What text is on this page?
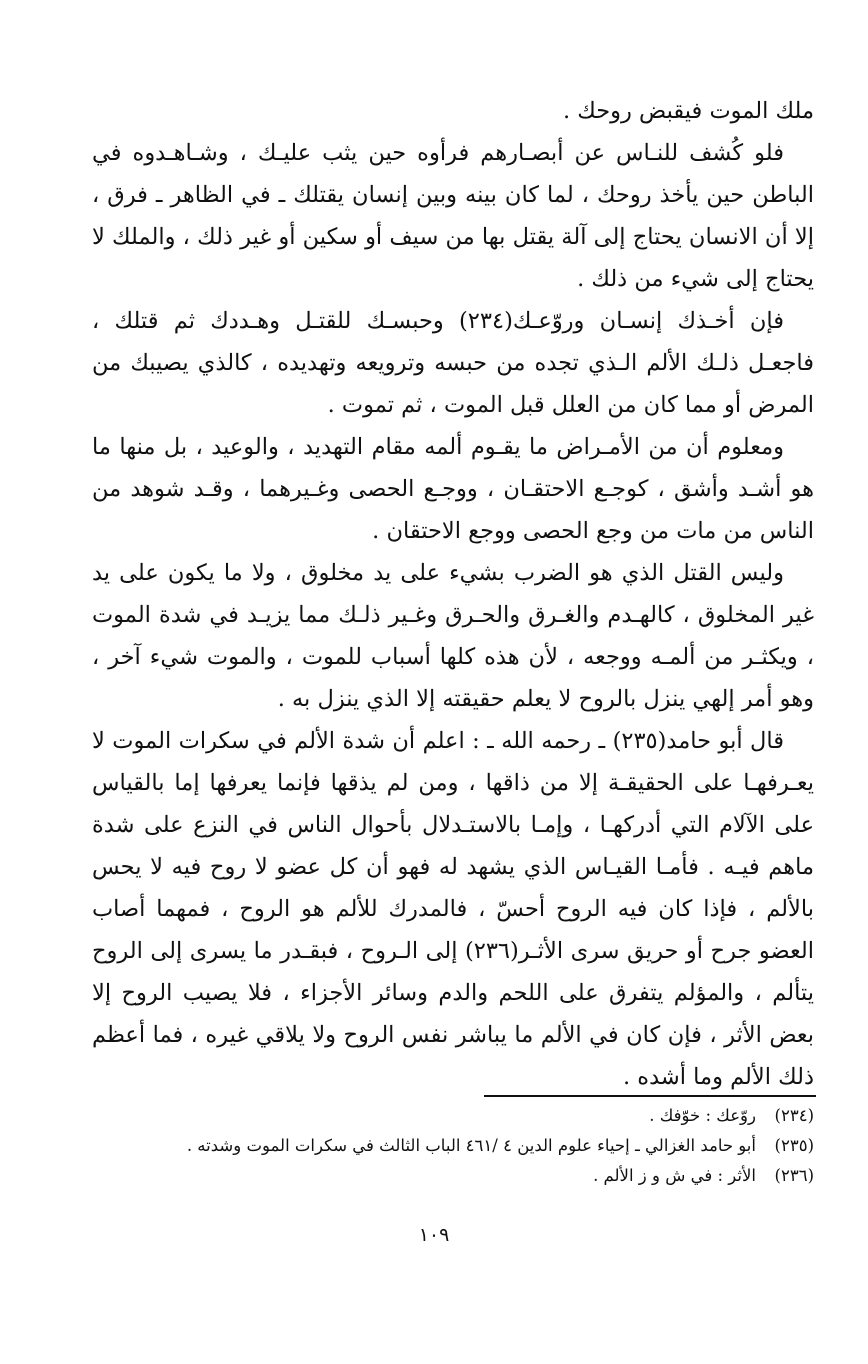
ملك الموت فيقبض روحك .

فلو كُشف للنـاس عن أبصـارهم فرأوه حين يثب عليـك ، وشـاهـدوه في الباطن حين يأخذ روحك ، لما كان بينه وبين إنسان يقتلك ـ في الظاهر ـ فرق ، إلا أن الانسان يحتاج إلى آلة يقتل بها من سيف أو سكين أو غير ذلك ، والملك لا يحتاج إلى شيء من ذلك .

فإن أخـذك إنسـان وروّعـك(٢٣٤) وحبسـك للقتـل وهـددك ثم قتلك ، فاجعـل ذلـك الألم الـذي تجده من حبسه وترويعه وتهديده ، كالذي يصيبك من المرض أو مما كان من العلل قبل الموت ، ثم تموت .

ومعلوم أن من الأمـراض ما يقـوم ألمه مقام التهديد ، والوعيد ، بل منها ما هو أشـد وأشق ، كوجـع الاحتقـان ، ووجـع الحصى وغـيرهما ، وقـد شوهد من الناس من مات من وجع الحصى ووجع الاحتقان .

وليس القتل الذي هو الضرب بشيء على يد مخلوق ، ولا ما يكون على يد غير المخلوق ، كالهـدم والغـرق والحـرق وغـير ذلـك مما يزيـد في شدة الموت ، ويكثـر من ألمـه ووجعه ، لأن هذه كلها أسباب للموت ، والموت شيء آخر ، وهو أمر إلهي ينزل بالروح لا يعلم حقيقته إلا الذي ينزل به .

قال أبو حامد(٢٣٥) ـ رحمه الله ـ : اعلم أن شدة الألم في سكرات الموت لا يعـرفهـا على الحقيقـة إلا من ذاقها ، ومن لم يذقها فإنما يعرفها إما بالقياس على الآلام التي أدركهـا ، وإمـا بالاستـدلال بأحوال الناس في النزع على شدة ماهم فيـه . فأمـا القيـاس الذي يشهد له فهو أن كل عضو لا روح فيه لا يحس بالألم ، فإذا كان فيه الروح أحسّ ، فالمدرك للألم هو الروح ، فمهما أصاب العضو جرح أو حريق سرى الأثـر(٢٣٦) إلى الـروح ، فبقـدر ما يسرى إلى الروح يتألم ، والمؤلم يتفرق على اللحم والدم وسائر الأجزاء ، فلا يصيب الروح إلا بعض الأثر ، فإن كان في الألم ما يباشر نفس الروح ولا يلاقي غيره ، فما أعظم ذلك الألم وما أشده .

(٢٣٤)
روّعك : خوّفك .
(٢٣٥)
أبو حامد الغزالي ـ إحياء علوم الدين ٤ /٤٦١ الباب الثالث في سكرات الموت وشدته .
(٢٣٦)
الأثر : في ش و ز الألم .
١٠٩
